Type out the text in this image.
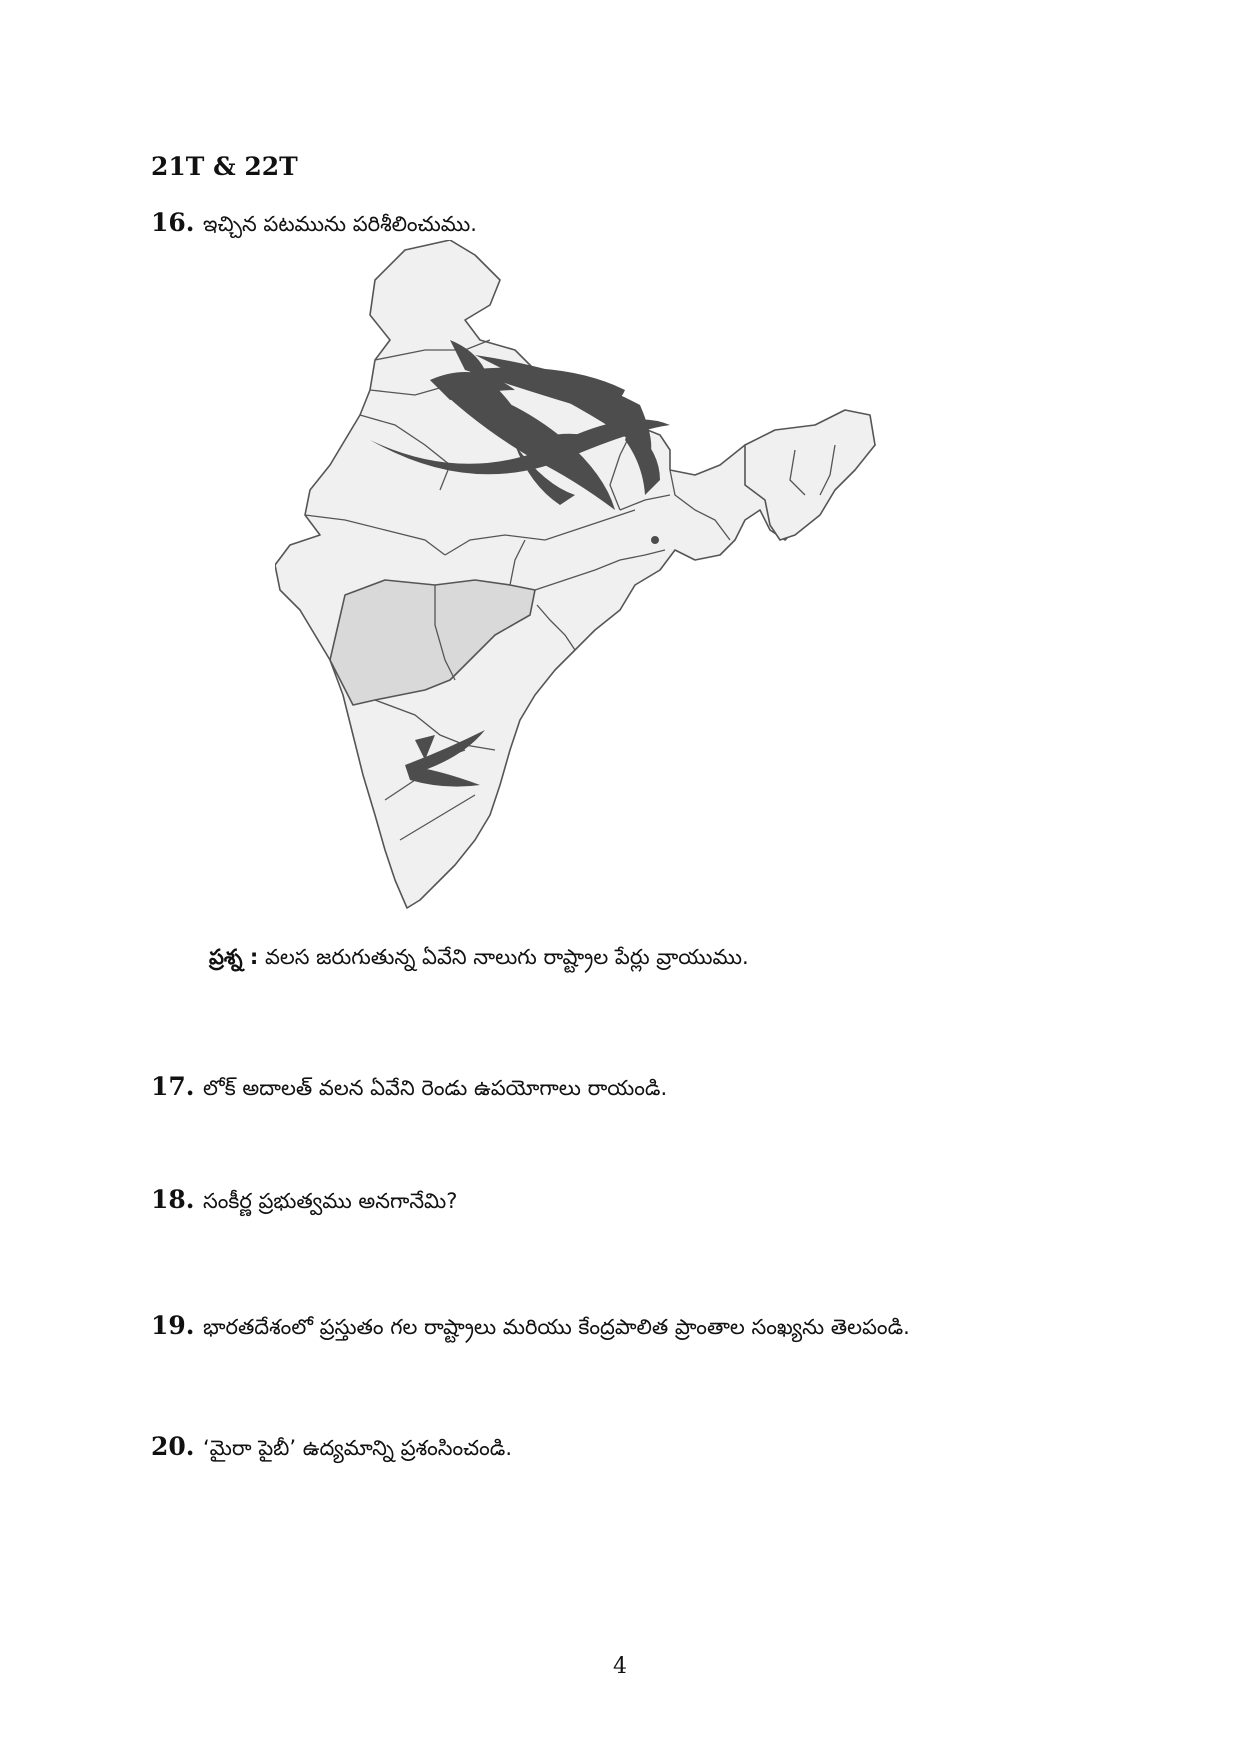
21T & 22T
16. ఇచ్చిన పటమును పరిశీలించుము.
ప్రశ్న : వలస జరుగుతున్న ఏవేని నాలుగు రాష్ట్రాల పేర్లు వ్రాయుము.
17. లోక్ అదాలత్ వలన ఏవేని రెండు ఉపయోగాలు రాయండి.
18. సంకీర్ణ ప్రభుత్వము అనగానేమి?
19. భారతదేశంలో ప్రస్తుతం గల రాష్ట్రాలు మరియు కేంద్రపాలిత ప్రాంతాల సంఖ్యను తెలపండి.
20. ‘మైరా పైబీ’ ఉద్యమాన్ని ప్రశంసించండి.
4
